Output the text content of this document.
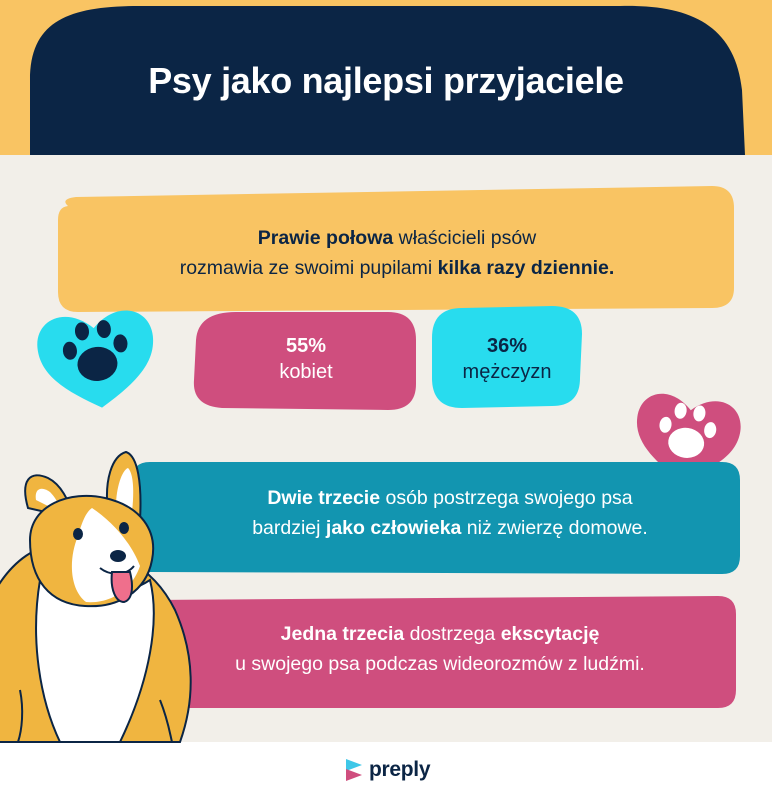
Psy jako najlepsi przyjaciele
Prawie połowa właścicieli psów
rozmawia ze swoimi pupilami kilka razy dziennie.
55%
kobiet
36%
mężczyzn
Dwie trzecie osób postrzega swojego psa
bardziej jako człowieka niż zwierzę domowe.
Jedna trzecia dostrzega ekscytację
u swojego psa podczas wideorozmów z ludźmi.
preply
